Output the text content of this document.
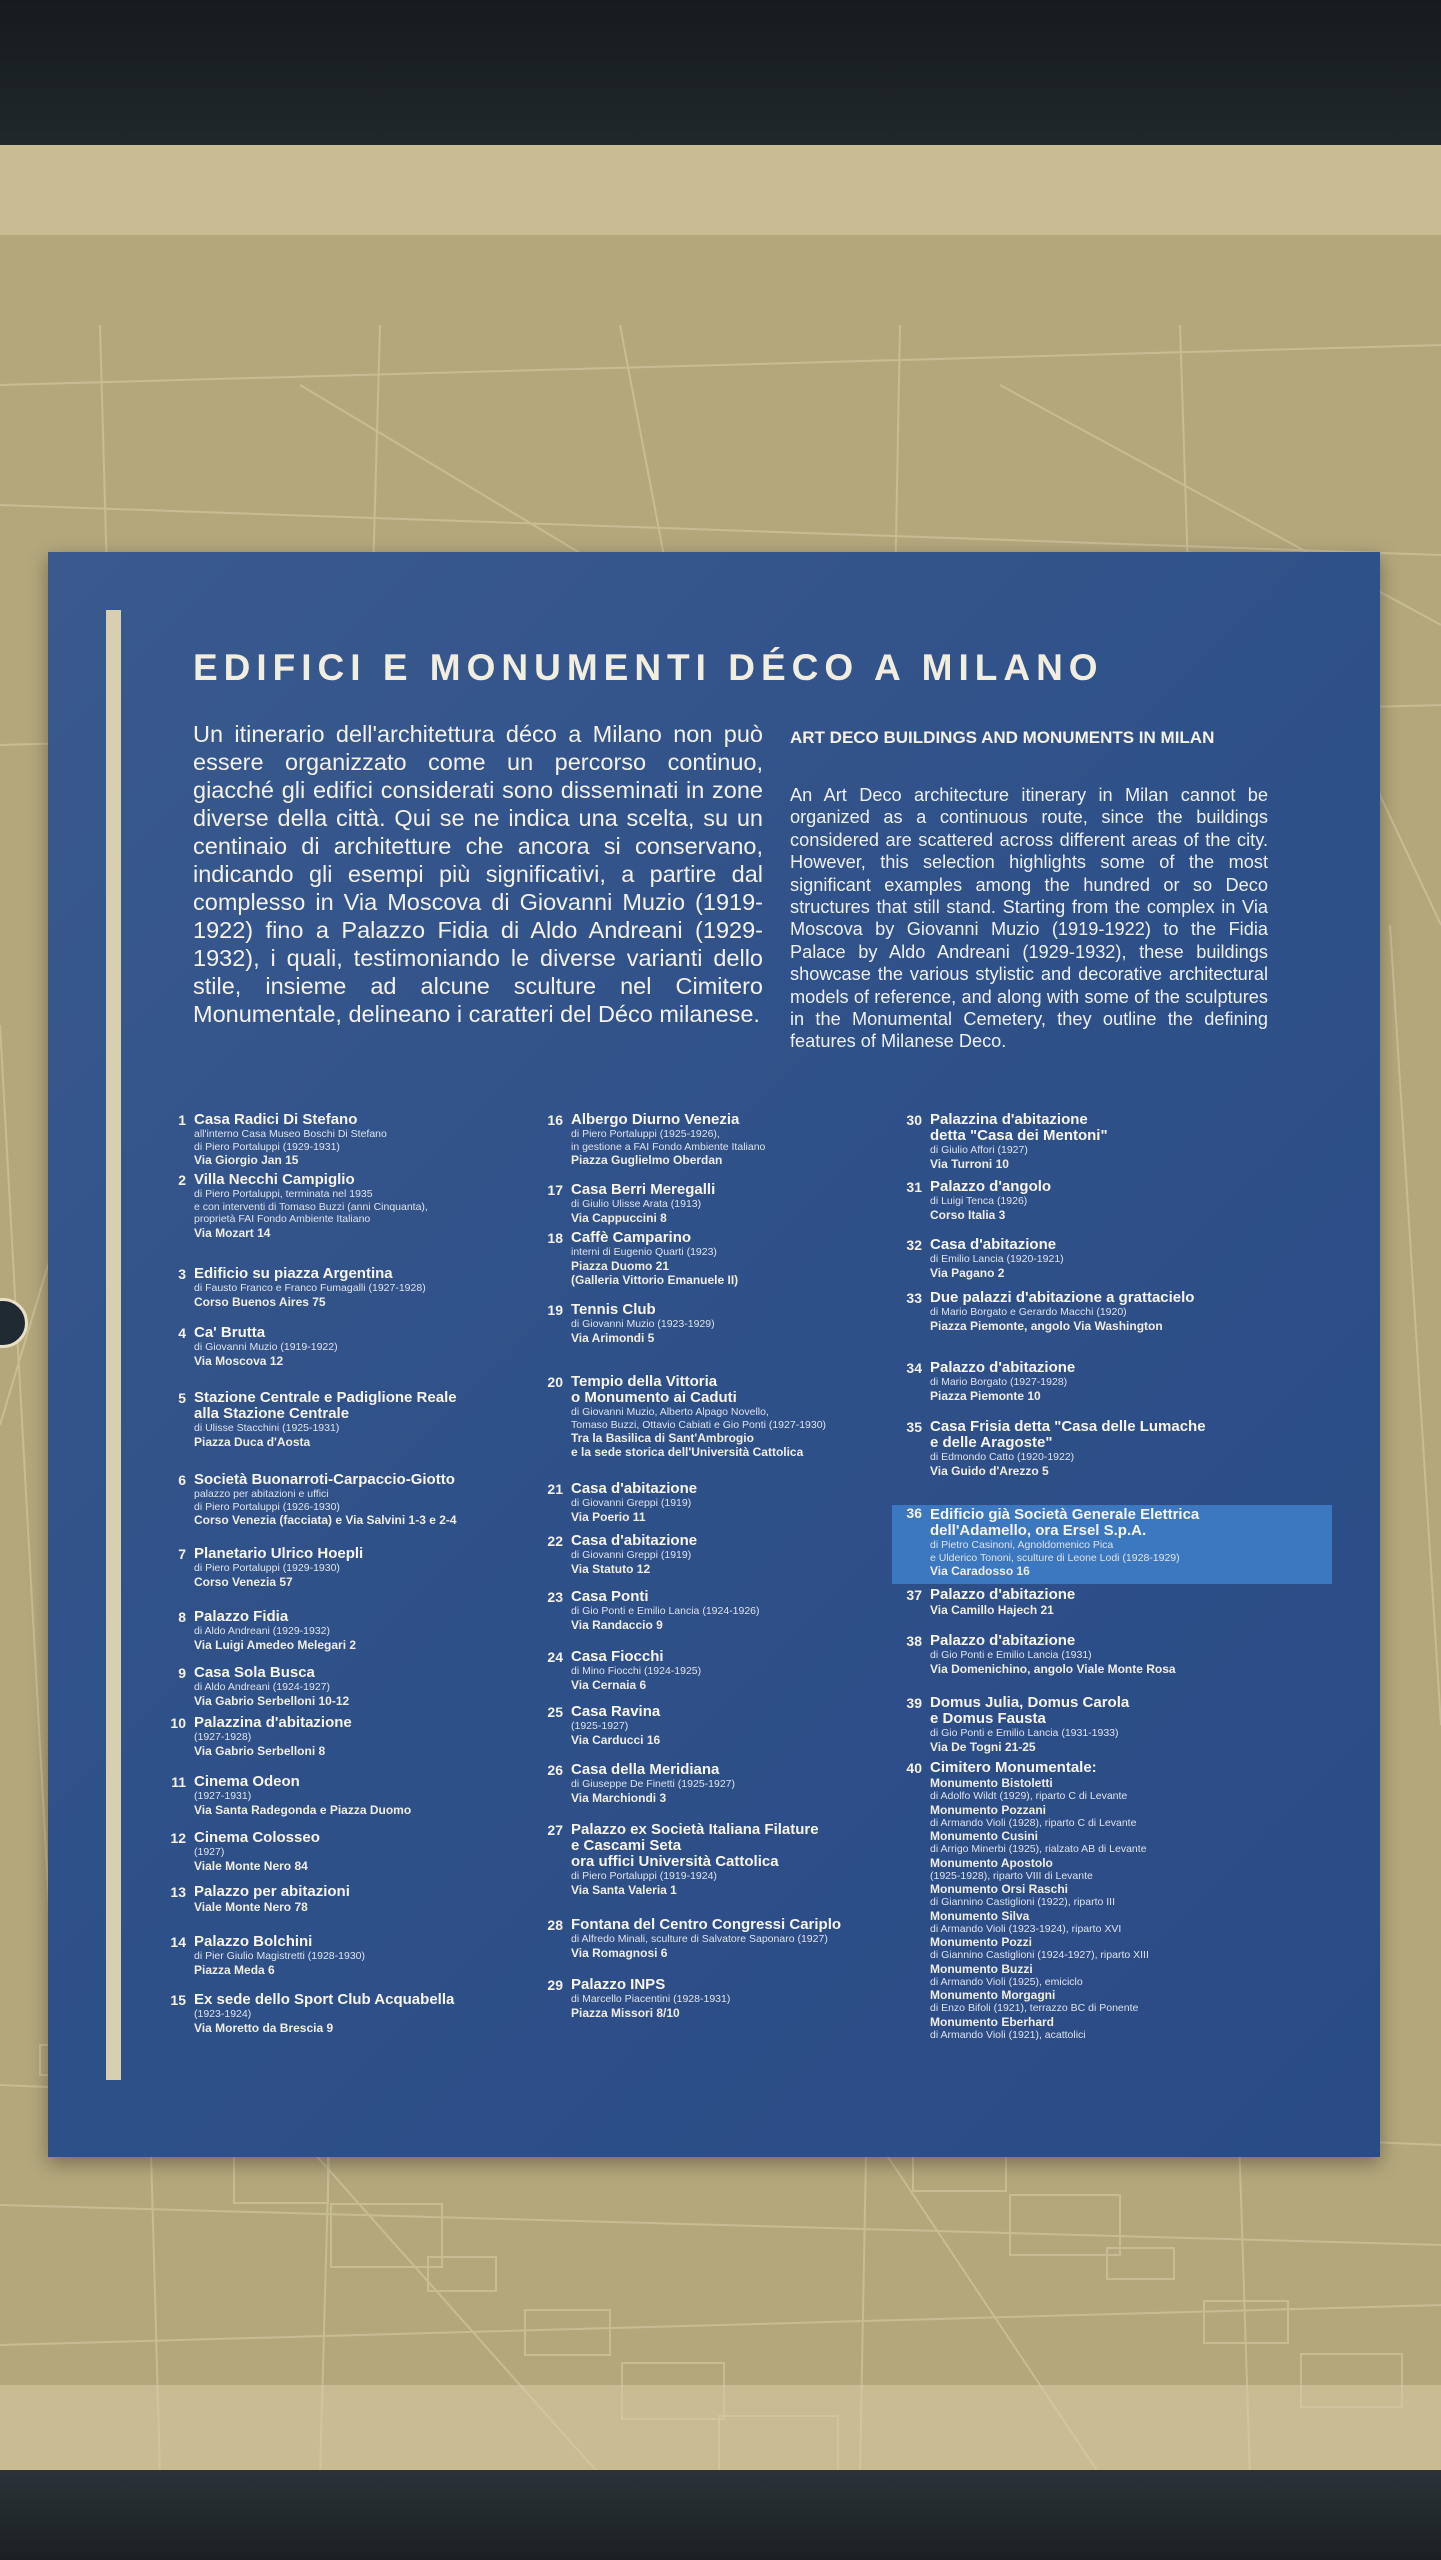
EDIFICI E MONUMENTI DÉCO A MILANO

Un itinerario dell'architettura déco a Milano non può essere organizzato come un percorso continuo, giacché gli edifici considerati sono disseminati in zone diverse della città. Qui se ne indica una scelta, su un centinaio di architetture che ancora si conservano, indicando gli esempi più significativi, a partire dal complesso in Via Moscova di Giovanni Muzio (1919-1922) fino a Palazzo Fidia di Aldo Andreani (1929-1932), i quali, testimoniando le diverse varianti dello stile, insieme ad alcune sculture nel Cimitero Monumentale, delineano i caratteri del Déco milanese.

ART DECO BUILDINGS AND MONUMENTS IN MILAN

An Art Deco architecture itinerary in Milan cannot be organized as a continuous route, since the buildings considered are scattered across different areas of the city. However, this selection highlights some of the most significant examples among the hundred or so Deco structures that still stand. Starting from the complex in Via Moscova by Giovanni Muzio (1919-1922) to the Fidia Palace by Aldo Andreani (1929-1932), these buildings showcase the various stylistic and decorative architectural models of reference, and along with some of the sculptures in the Monumental Cemetery, they outline the defining features of Milanese Deco.

1 Casa Radici Di Stefano
all'interno Casa Museo Boschi Di Stefano
di Piero Portaluppi (1929-1931)
Via Giorgio Jan 15
2 Villa Necchi Campiglio
di Piero Portaluppi, terminata nel 1935
e con interventi di Tomaso Buzzi (anni Cinquanta),
proprietà FAI Fondo Ambiente Italiano
Via Mozart 14
3 Edificio su piazza Argentina
di Fausto Franco e Franco Fumagalli (1927-1928)
Corso Buenos Aires 75
4 Ca' Brutta
di Giovanni Muzio (1919-1922)
Via Moscova 12
5 Stazione Centrale e Padiglione Reale
alla Stazione Centrale
di Ulisse Stacchini (1925-1931)
Piazza Duca d'Aosta
6 Società Buonarroti-Carpaccio-Giotto
palazzo per abitazioni e uffici
di Piero Portaluppi (1926-1930)
Corso Venezia (facciata) e Via Salvini 1-3 e 2-4
7 Planetario Ulrico Hoepli
di Piero Portaluppi (1929-1930)
Corso Venezia 57
8 Palazzo Fidia
di Aldo Andreani (1929-1932)
Via Luigi Amedeo Melegari 2
9 Casa Sola Busca
di Aldo Andreani (1924-1927)
Via Gabrio Serbelloni 10-12
10 Palazzina d'abitazione
(1927-1928)
Via Gabrio Serbelloni 8
11 Cinema Odeon
(1927-1931)
Via Santa Radegonda e Piazza Duomo
12 Cinema Colosseo
(1927)
Viale Monte Nero 84
13 Palazzo per abitazioni
Viale Monte Nero 78
14 Palazzo Bolchini
di Pier Giulio Magistretti (1928-1930)
Piazza Meda 6
15 Ex sede dello Sport Club Acquabella
(1923-1924)
Via Moretto da Brescia 9
16 Albergo Diurno Venezia
di Piero Portaluppi (1925-1926),
in gestione a FAI Fondo Ambiente Italiano
Piazza Guglielmo Oberdan
17 Casa Berri Meregalli
di Giulio Ulisse Arata (1913)
Via Cappuccini 8
18 Caffè Camparino
interni di Eugenio Quarti (1923)
Piazza Duomo 21
(Galleria Vittorio Emanuele II)
19 Tennis Club
di Giovanni Muzio (1923-1929)
Via Arimondi 5
20 Tempio della Vittoria
o Monumento ai Caduti
di Giovanni Muzio, Alberto Alpago Novello,
Tomaso Buzzi, Ottavio Cabiati e Gio Ponti (1927-1930)
Tra la Basilica di Sant'Ambrogio
e la sede storica dell'Università Cattolica
21 Casa d'abitazione
di Giovanni Greppi (1919)
Via Poerio 11
22 Casa d'abitazione
di Giovanni Greppi (1919)
Via Statuto 12
23 Casa Ponti
di Gio Ponti e Emilio Lancia (1924-1926)
Via Randaccio 9
24 Casa Fiocchi
di Mino Fiocchi (1924-1925)
Via Cernaia 6
25 Casa Ravina
(1925-1927)
Via Carducci 16
26 Casa della Meridiana
di Giuseppe De Finetti (1925-1927)
Via Marchiondi 3
27 Palazzo ex Società Italiana Filature
e Cascami Seta
ora uffici Università Cattolica
di Piero Portaluppi (1919-1924)
Via Santa Valeria 1
28 Fontana del Centro Congressi Cariplo
di Alfredo Minali, sculture di Salvatore Saponaro (1927)
Via Romagnosi 6
29 Palazzo INPS
di Marcello Piacentini (1928-1931)
Piazza Missori 8/10
30 Palazzina d'abitazione
detta "Casa dei Mentoni"
di Giulio Affori (1927)
Via Turroni 10
31 Palazzo d'angolo
di Luigi Tenca (1926)
Corso Italia 3
32 Casa d'abitazione
di Emilio Lancia (1920-1921)
Via Pagano 2
33 Due palazzi d'abitazione a grattacielo
di Mario Borgato e Gerardo Macchi (1920)
Piazza Piemonte, angolo Via Washington
34 Palazzo d'abitazione
di Mario Borgato (1927-1928)
Piazza Piemonte 10
35 Casa Frisia detta "Casa delle Lumache
e delle Aragoste"
di Edmondo Catto (1920-1922)
Via Guido d'Arezzo 5
36 Edificio già Società Generale Elettrica
dell'Adamello, ora Ersel S.p.A.
di Pietro Casinoni, Agnoldomenico Pica
e Ulderico Tononi, sculture di Leone Lodi (1928-1929)
Via Caradosso 16
37 Palazzo d'abitazione
Via Camillo Hajech 21
38 Palazzo d'abitazione
di Gio Ponti e Emilio Lancia (1931)
Via Domenichino, angolo Viale Monte Rosa
39 Domus Julia, Domus Carola
e Domus Fausta
di Gio Ponti e Emilio Lancia (1931-1933)
Via De Togni 21-25
40 Cimitero Monumentale:
Monumento Bistoletti
di Adolfo Wildt (1929), riparto C di Levante
Monumento Pozzani
di Armando Violi (1928), riparto C di Levante
Monumento Cusini
di Arrigo Minerbi (1925), rialzato AB di Levante
Monumento Apostolo
(1925-1928), riparto VIII di Levante
Monumento Orsi Raschi
di Giannino Castiglioni (1922), riparto III
Monumento Silva
di Armando Violi (1923-1924), riparto XVI
Monumento Pozzi
di Giannino Castiglioni (1924-1927), riparto XIII
Monumento Buzzi
di Armando Violi (1925), emiciclo
Monumento Morgagni
di Enzo Bifoli (1921), terrazzo BC di Ponente
Monumento Eberhard
di Armando Violi (1921), acattolici
